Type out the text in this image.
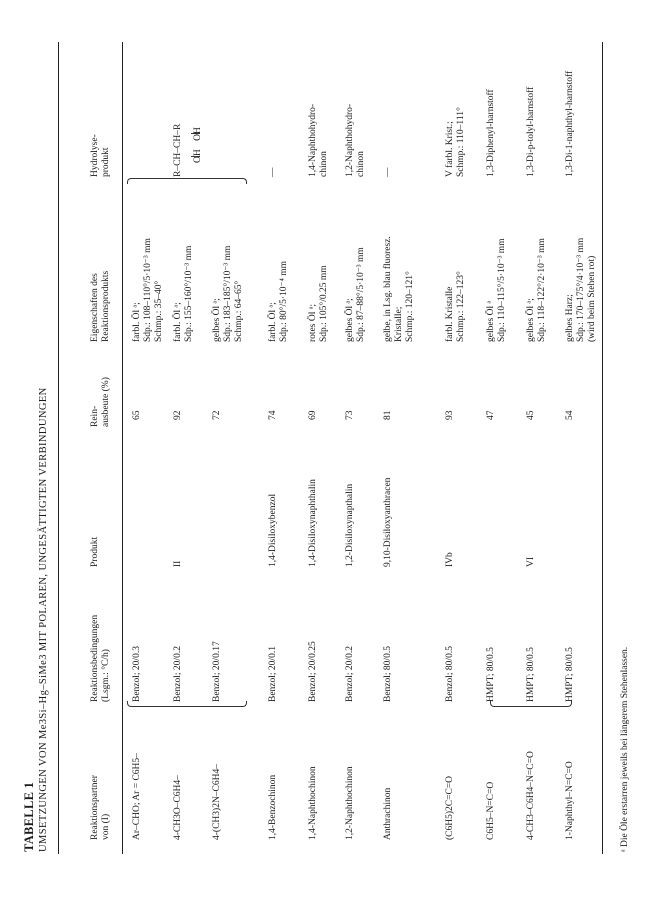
TABELLE 1 UMSETZUNGEN VON Me3Si–Hg–SiMe3 MIT POLAREN, UNGESÄTTIGTEN VERBINDUNGEN	Reaktionspartner von (I)
Reaktionsbedingungen (Lsgm.: °C/h)
Produkt
Rein- ausbeute (%)
Eigenschaften des Reaktionsprodukts
Hydrolyse- produkt
Ar–CHO; Ar = C6H5–
Benzol; 20/0.3
65
farbl. Öl ᵃ; Sdp.: 108–110°/5·10⁻³ mm Schmp.: 35–40°
4-CH3O–C6H4–
Benzol; 20/0.2
II
92
farbl. Öl ᵃ; Sdp.: 155–160°/10⁻³ mm
R–CH–CH–R OH OH
4-(CH3)2N–C6H4–
Benzol; 20/0.17
72
gelbes Öl ᵃ; Sdp.: 183–185°/10⁻³ mm Schmp.: 64–65°
1,4-Benzochinon
Benzol; 20/0.1
1,4-Disiloxybenzol
74
farbl. Öl ᵃ; Sdp.: 80°/5·10⁻⁴ mm
—
1,4-Naphthochinon
Benzol; 20/0.25
1,4-Disiloxynaphthalin
69
rotes Öl ᵃ; Sdp.: 105°/0.25 mm
1,4-Naphthohydro- chinon
1,2-Naphthochinon
Benzol; 20/0.2
1,2-Disiloxynapthalin
73
gelbes Öl ᵃ; Sdp.: 87–88°/5·10⁻³ mm
1,2-Naphthohydro- chinon
Anthrachinon
Benzol; 80/0.5
9,10-Disiloxyanthracen
81
gelbe, in Lsg. blau fluoresz. Kristalle; Schmp.: 120–121°
—
(C6H5)2C=C=O
Benzol; 80/0.5
IVb
93
farbl. Kristalle Schmp.: 122–123°
V farbl. Krist.; Schmp.: 110–111°
C6H5–N=C=O
HMPT; 80/0.5
47
gelbes Öl ᵃ Sdp.: 110–115°/5·10⁻³ mm
1,3-Diphenyl-harnstoff
4-CH3–C6H4–N=C=O
HMPT; 80/0.5
VI
45
gelbes Öl ᵃ; Sdp.: 118–122°/2·10⁻³ mm
1,3-Di-p-tolyl-harnstoff
1-Naphthyl–N=C=O
HMPT; 80/0.5
54
gelbes Harz; Sdp.: 170–175°/4·10⁻³ mm (wird beim Stehen rot)
1,3-Di-1-naphthyl-harnstoff
ᵃ Die Öle erstarren jeweils bei längerem Stehenlassen.
